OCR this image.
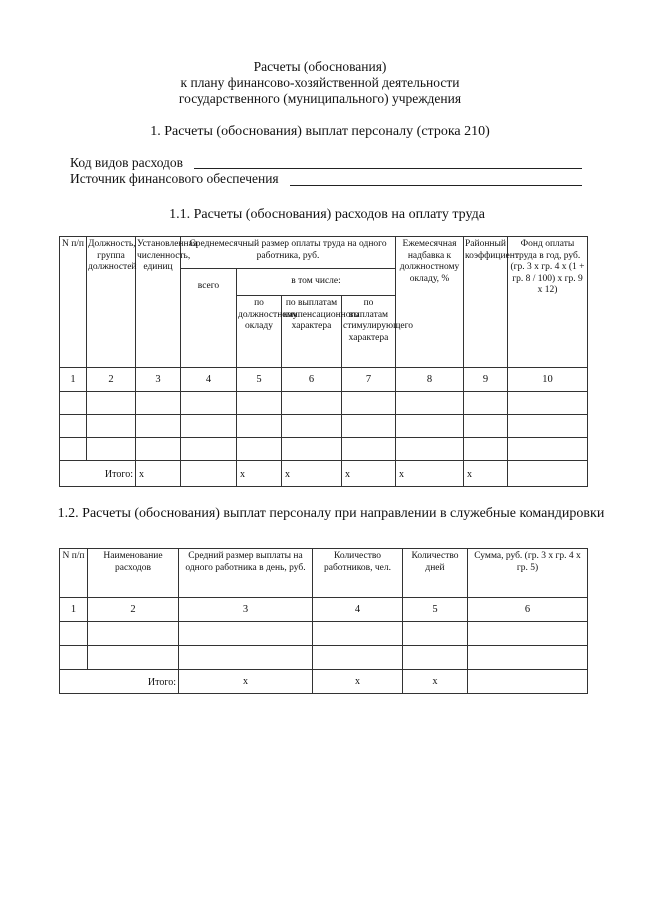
Расчеты (обоснования)
к плану финансово-хозяйственной деятельности
государственного (муниципального) учреждения
1. Расчеты (обоснования) выплат персоналу (строка 210)
Код видов расходов
Источник финансового обеспечения
1.1. Расчеты (обоснования) расходов на оплату труда
N п/п	Должность, группа должностей	Установленная численность, единиц	Среднемесячный размер оплаты труда на одного работника, руб.				Ежемесячная надбавка к должностному окладу, %	Районный коэффициент	Фонд оплаты труда в год, руб. (гр. 3 x гр. 4 x (1 + гр. 8 / 100) x гр. 9 x 12)
			всего	в том числе:					
				по должностному окладу	по выплатам компенсационного характера	по выплатам стимулирующего характера			
1	2	3	4	5	6	7	8	9	10

Итого:		x		x	x	x	x	x	
1.2. Расчеты (обоснования) выплат персоналу при направлении в служебные командировки
N п/п	Наименование расходов	Средний размер выплаты на одного работника в день, руб.	Количество работников, чел.	Количество дней	Сумма, руб. (гр. 3 x гр. 4 x гр. 5)
1	2	3	4	5	6

Итого:		x	x	x	
